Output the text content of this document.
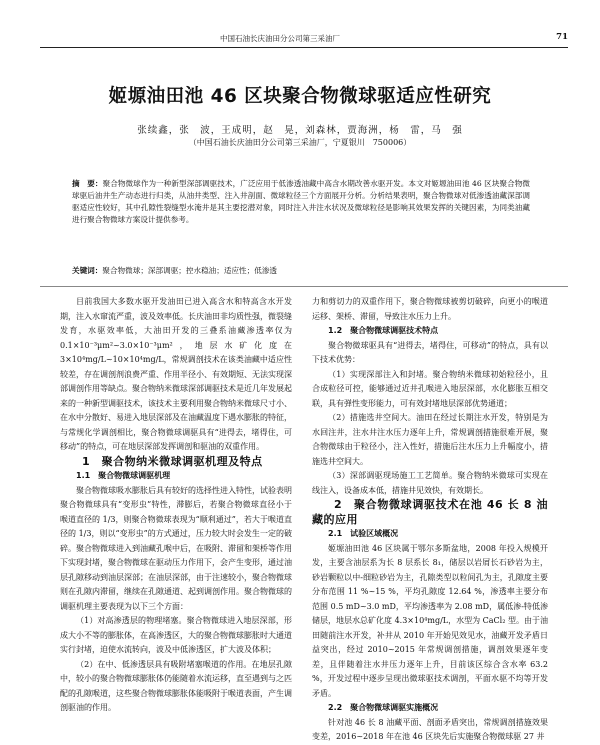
中国石油长庆油田分公司第三采油厂	71
姬塬油田池 46 区块聚合物微球驱适应性研究
张续鑫，张　波，王成明，赵　晃，刘森林，贾海洲，杨　雷，马　强
（中国石油长庆油田分公司第三采油厂，宁夏银川　750006）
摘　要：聚合物微球作为一种新型深部调驱技术，广泛应用于低渗透油藏中高含水期改善水驱开发。本文对姬塬油田池 46 区块聚合物微球驱后油井生产动态进行归类，从油井类型、注入井剖面、微球粒径三个方面展开分析。分析结果表明，聚合物微球对低渗透油藏深部调驱适应性较好，其中孔隙性裂缝型水淹井是其主要挖潜对象，同时注入井注水状况及微球粒径是影响其效果发挥的关键因素，为同类油藏进行聚合物微球方案设计提供参考。
关键词：聚合物微球；深部调驱；控水稳油；适应性；低渗透

目前我国大多数水驱开发油田已进入高含水和特高含水开发期，注入水窜流严重，波及效率低。长庆油田非均质性强，微裂缝发育，水驱效率低，大油田开发的三叠系油藏渗透率仅为 0.1×10⁻³μm²~3.0×10⁻³μm²，地层水矿化度在 3×10⁴mg/L~10×10⁴mg/L，常规调剖技术在该类油藏中适应性较差，存在调剖剂浪费严重、作用半径小、有效期短、无法实现深部调剖作用等缺点。聚合物纳米微球深部调驱技术是近几年发展起来的一种新型调驱技术，该技术主要利用聚合物纳米微球尺寸小、在水中分散好、易进入地层深部及在油藏温度下遇水膨胀的特征，与常规化学调剖相比，聚合物微球调驱具有“进得去，堵得住，可移动”的特点，可在地层深部发挥调剖和驱油的双重作用。

1　聚合物纳米微球调驱机理及特点

1.1　聚合物微球调驱机理

聚合物微球吸水膨胀后具有较好的选择性进入特性，试验表明聚合物微球具有“变形虫”特性，滞膨后，若聚合物微球直径小于喉道直径的 1/3，则聚合物微球表现为“顺利通过”，若大于喉道直径的 1/3，则以“变形虫”的方式通过，压力较大时会发生一定的破碎。聚合物微球进入到油藏孔喉中后，在吸附、滞留和架桥等作用下实现封堵，聚合物微球在驱动压力作用下，会产生变形，通过油层孔隙移动到油层深部；在油层深部，由于注速较小，聚合物微球则在孔隙内滞留，继续在孔隙通道、起到调剖作用。聚合物微球的调驱机理主要表现为以下三个方面：

（1）对高渗透层的物理堵塞。聚合物微球进入地层深部，形成大小不等的膨胀体，在高渗透区，大的聚合物微球膨胀时大通道实行封堵，迫使水流转向，波及中低渗透区，扩大波及体积；

（2）在中、低渗透层具有吸附堵塞喉道的作用。在地层孔隙中，较小的聚合物微球膨胀体仍能随着水流运移，直至遇到与之匹配的孔隙喉道，这些聚合物微球膨胀体能吸附于喉道表面，产生调剖驱油的作用。

力和剪切力的双重作用下，聚合物微球被剪切破碎，向更小的喉道运移、架桥、滞留，导致注水压力上升。

1.2　聚合物微球调驱技术特点

聚合物微球驱具有“进得去，堵得住，可移动”的特点，具有以下技术优势：

（1）实现深部注入和封堵。聚合物纳米微球初始粒径小，且合成粒径可控，能够通过近井孔喉进入地层深部，水化膨胀互相交联，具有弹性变形能力，可有效封堵地层深部优势通道；

（2）措施选井空间大。油田在经过长期注水开发，特别是为水回注井，注水井注水压力逐年上升，常规调剖措施很难开展，聚合物微球由于粒径小，注入性好，措施后注水压力上升幅度小，措施选井空间大。

（3）深部调驱现场施工工艺简单。聚合物纳米微球可实现在线注入，设备成本低，措施井见效快，有效期长。

2　聚合物微球调驱技术在池 46 长 8 油藏的应用

2.1　试验区域概况

姬塬油田池 46 区块属于鄂尔多斯盆地，2008 年投入规模开发，主要含油层系为长 8 层系长 8₁，储层以岩屑长石砂岩为主，砂岩颗粒以中-细粒砂岩为主，孔隙类型以粒间孔为主，孔隙度主要分布范围 11 %~15 %，平均孔隙度 12.64 %，渗透率主要分布范围 0.5 mD~3.0 mD，平均渗透率为 2.08 mD，属低渗-特低渗储层，地层水总矿化度 4.3×10⁴mg/L，水型为 CaCl₂ 型。由于油田随前注水开发，补井从 2010 年开始见效见水，油藏开发矛盾日益突出，经过 2010~2015 年常规调剖措施，调剖效果逐年变差，且伴随着注水井压力逐年上升，目前该区综合含水率 63.2 %，开发过程中逐步呈现出微球驱技术调剖，平面水驱不均等开发矛盾。

2.2　聚合物微球调驱实施概况

针对池 46 长 8 油藏平面、剖面矛盾突出，常规调剖措施效果变差，2016~2018 年在池 46 区块先后实施聚合物微球驱 27 井
